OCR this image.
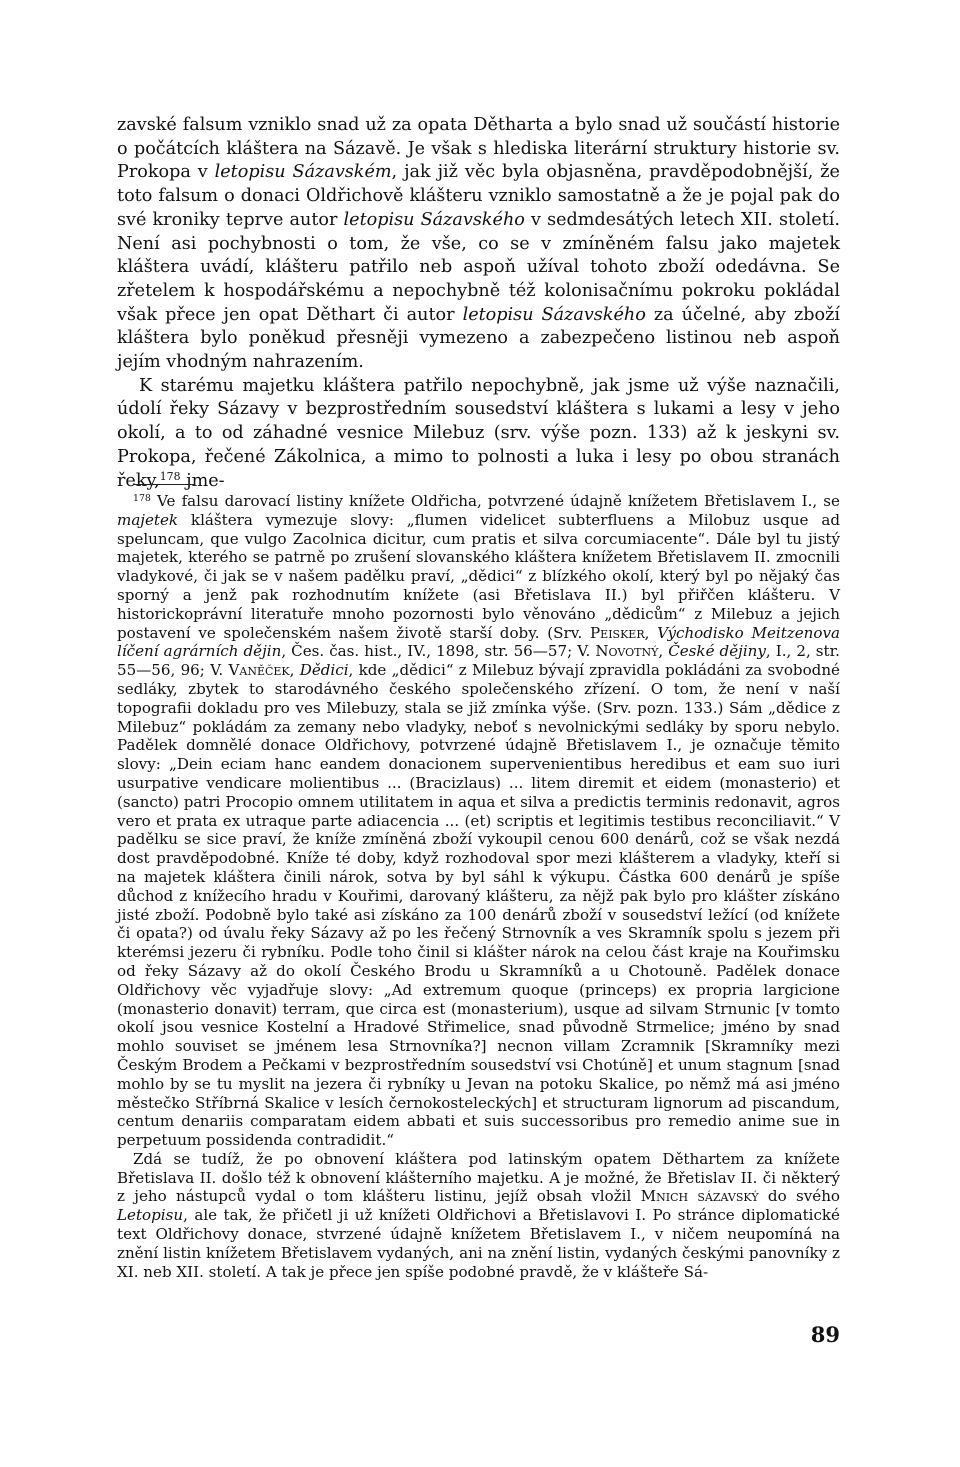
zavské falsum vzniklo snad už za opata Dětharta a bylo snad už součástí historie o počátcích kláštera na Sázavě. Je však s hlediska literární struktury historie sv. Prokopa v letopisu Sázavském, jak již věc byla objasněna, pravděpodobnější, že toto falsum o donaci Oldřichově klášteru vzniklo samostatně a že je pojal pak do své kroniky teprve autor letopisu Sázavského v sedmdesátých letech XII. století. Není asi pochybnosti o tom, že vše, co se v zmíněném falsu jako majetek kláštera uvádí, klášteru patřilo neb aspoň užíval tohoto zboží odedávna. Se zřetelem k hospodářskému a nepochybně též kolonisačnímu pokroku pokládal však přece jen opat Děthart či autor letopisu Sázavského za účelné, aby zboží kláštera bylo poněkud přesněji vymezeno a zabezpečeno listinou neb aspoň jejím vhodným nahrazením.

K starému majetku kláštera patřilo nepochybně, jak jsme už výše naznačili, údolí řeky Sázavy v bezprostředním sousedství kláštera s lukami a lesy v jeho okolí, a to od záhadné vesnice Milebuz (srv. výše pozn. 133) až k jeskyni sv. Prokopa, řečené Zákolnica, a mimo to polnosti a luka i lesy po obou stranách řeky,$^{178}$ jme-

$^{178}$ Ve falsu darovací listiny knížete Oldřicha, potvrzené údajně knížetem Břetislavem I., se majetek kláštera vymezuje slovy: „flumen videlicet subterfluens a Milobuz usque ad speluncam, que vulgo Zacolnica dicitur, cum pratis et silva corcumiacente“. Dále byl tu jistý majetek, kterého se patrně po zrušení slovanského kláštera knížetem Břetislavem II. zmocnili vladykové, či jak se v našem padělku praví, „dědici“ z blízkého okolí, který byl po nějaký čas sporný a jenž pak rozhodnutím knížete (asi Břetislava II.) byl přiřčen klášteru. V historickoprávní literatuře mnoho pozornosti bylo věnováno „dědicům“ z Milebuz a jejich postavení ve společenském našem životě starší doby. (Srv. Peisker, Východisko Meitzenova líčení agrárních dějin, Čes. čas. hist., IV., 1898, str. 56—57; V. Novotný, České dějiny, I., 2, str. 55—56, 96; V. Vaněček, Dědici, kde „dědici“ z Milebuz bývají zpravidla pokládáni za svobodné sedláky, zbytek to starodávného českého společenského zřízení. O tom, že není v naší topografii dokladu pro ves Milebuzy, stala se již zmínka výše. (Srv. pozn. 133.) Sám „dědice z Milebuz“ pokládám za zemany nebo vladyky, neboť s nevolnickými sedláky by sporu nebylo. Padělek domnělé donace Oldřichovy, potvrzené údajně Břetislavem I., je označuje těmito slovy: „Dein eciam hanc eandem donacionem supervenientibus heredibus et eam suo iuri usurpative vendicare molientibus ... (Bracizlaus) ... litem diremit et eidem (monasterio) et (sancto) patri Procopio omnem utilitatem in aqua et silva a predictis terminis redonavit, agros vero et prata ex utraque parte adiacencia ... (et) scriptis et legitimis testibus reconciliavit.“ V padělku se sice praví, že kníže zmíněná zboží vykoupil cenou 600 denárů, což se však nezdá dost pravděpodobné. Kníže té doby, když rozhodoval spor mezi klášterem a vladyky, kteří si na majetek kláštera činili nárok, sotva by byl sáhl k výkupu. Částka 600 denárů je spíše důchod z knížecího hradu v Kouřimi, darovaný klášteru, za nějž pak bylo pro klášter získáno jisté zboží. Podobně bylo také asi získáno za 100 denárů zboží v sousedství ležící (od knížete či opata?) od úvalu řeky Sázavy až po les řečený Strnovník a ves Skramník spolu s jezem při kterémsi jezeru či rybníku. Podle toho činil si klášter nárok na celou část kraje na Kouřimsku od řeky Sázavy až do okolí Českého Brodu u Skramníků a u Chotouně. Padělek donace Oldřichovy věc vyjadřuje slovy: „Ad extremum quoque (princeps) ex propria largicione (monasterio donavit) terram, que circa est (monasterium), usque ad silvam Strnunic [v tomto okolí jsou vesnice Kostelní a Hradové Střimelice, snad původně Strmelice; jméno by snad mohlo souviset se jménem lesa Strnovníka?] necnon villam Zcramnik [Skramníky mezi Českým Brodem a Pečkami v bezprostředním sousedství vsi Chotúně] et unum stagnum [snad mohlo by se tu myslit na jezera či rybníky u Jevan na potoku Skalice, po němž má asi jméno městečko Stříbrná Skalice v lesích černokosteleckých] et structuram lignorum ad piscandum, centum denariis comparatam eidem abbati et suis successoribus pro remedio anime sue in perpetuum possidenda contradidit.“

Zdá se tudíž, že po obnovení kláštera pod latinským opatem Děthartem za knížete Břetislava II. došlo též k obnovení klášterního majetku. A je možné, že Břetislav II. či některý z jeho nástupců vydal o tom klášteru listinu, jejíž obsah vložil Mnich sázavský do svého Letopisu, ale tak, že přičetl ji už knížeti Oldřichovi a Břetislavovi I. Po stránce diplomatické text Oldřichovy donace, stvrzené údajně knížetem Břetislavem I., v ničem neupomíná na znění listin knížetem Břetislavem vydaných, ani na znění listin, vydaných českými panovníky z XI. neb XII. století. A tak je přece jen spíše podobné pravdě, že v klášteře Sá-

89
